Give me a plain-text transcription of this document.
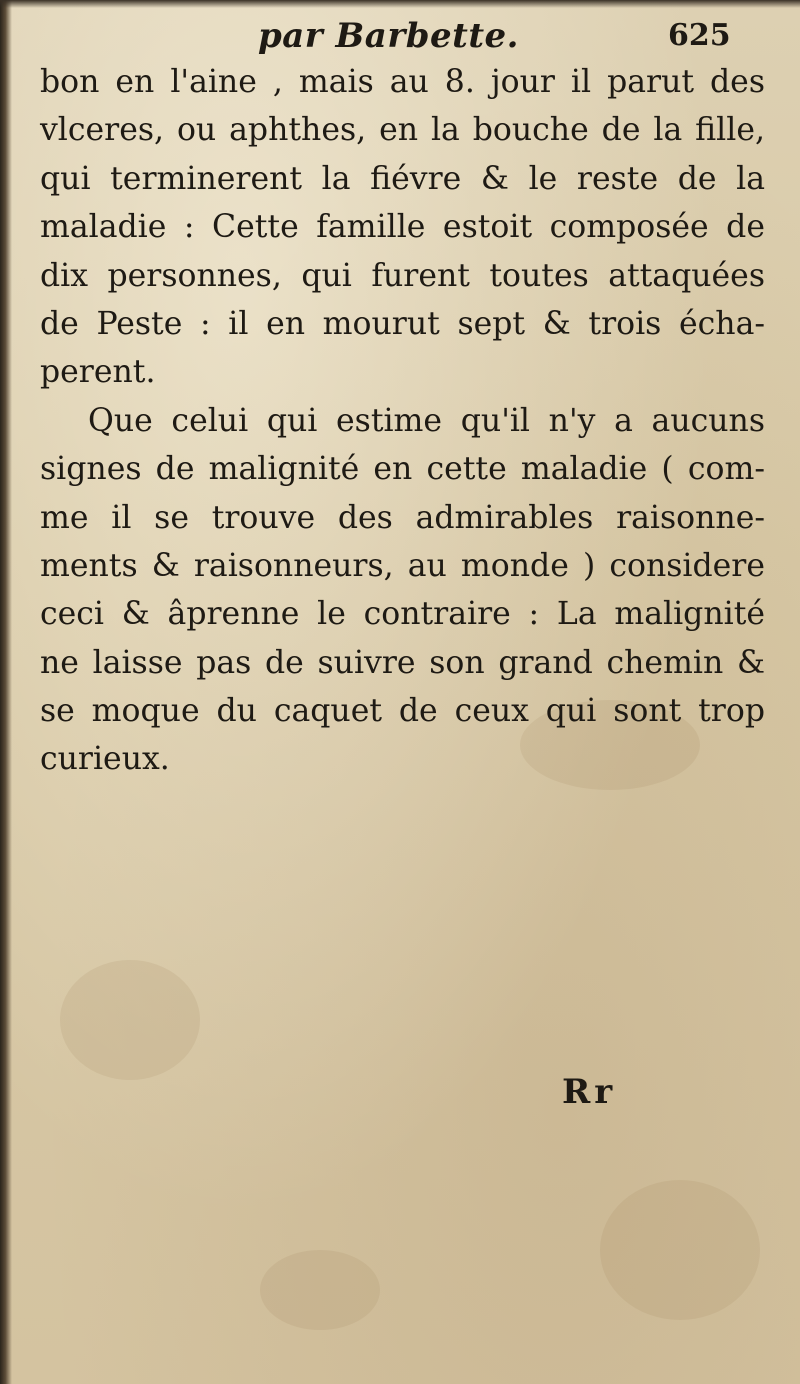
par Barbette.	625
bon en l'aine , mais au 8. jour il parut des
vlceres, ou aphthes, en la bouche de la fille,
qui terminerent la fiévre & le reste de la
maladie : Cette famille estoit composée de
dix personnes, qui furent toutes attaquées
de Peste : il en mourut sept & trois écha-
perent.
Que celui qui estime qu'il n'y a aucuns
signes de malignité en cette maladie ( com-
me il se trouve des admirables raisonne-
ments & raisonneurs, au monde ) considere
ceci & âprenne le contraire : La malignité
ne laisse pas de suivre son grand chemin &
se moque du caquet de ceux qui sont trop
curieux.
Rr
